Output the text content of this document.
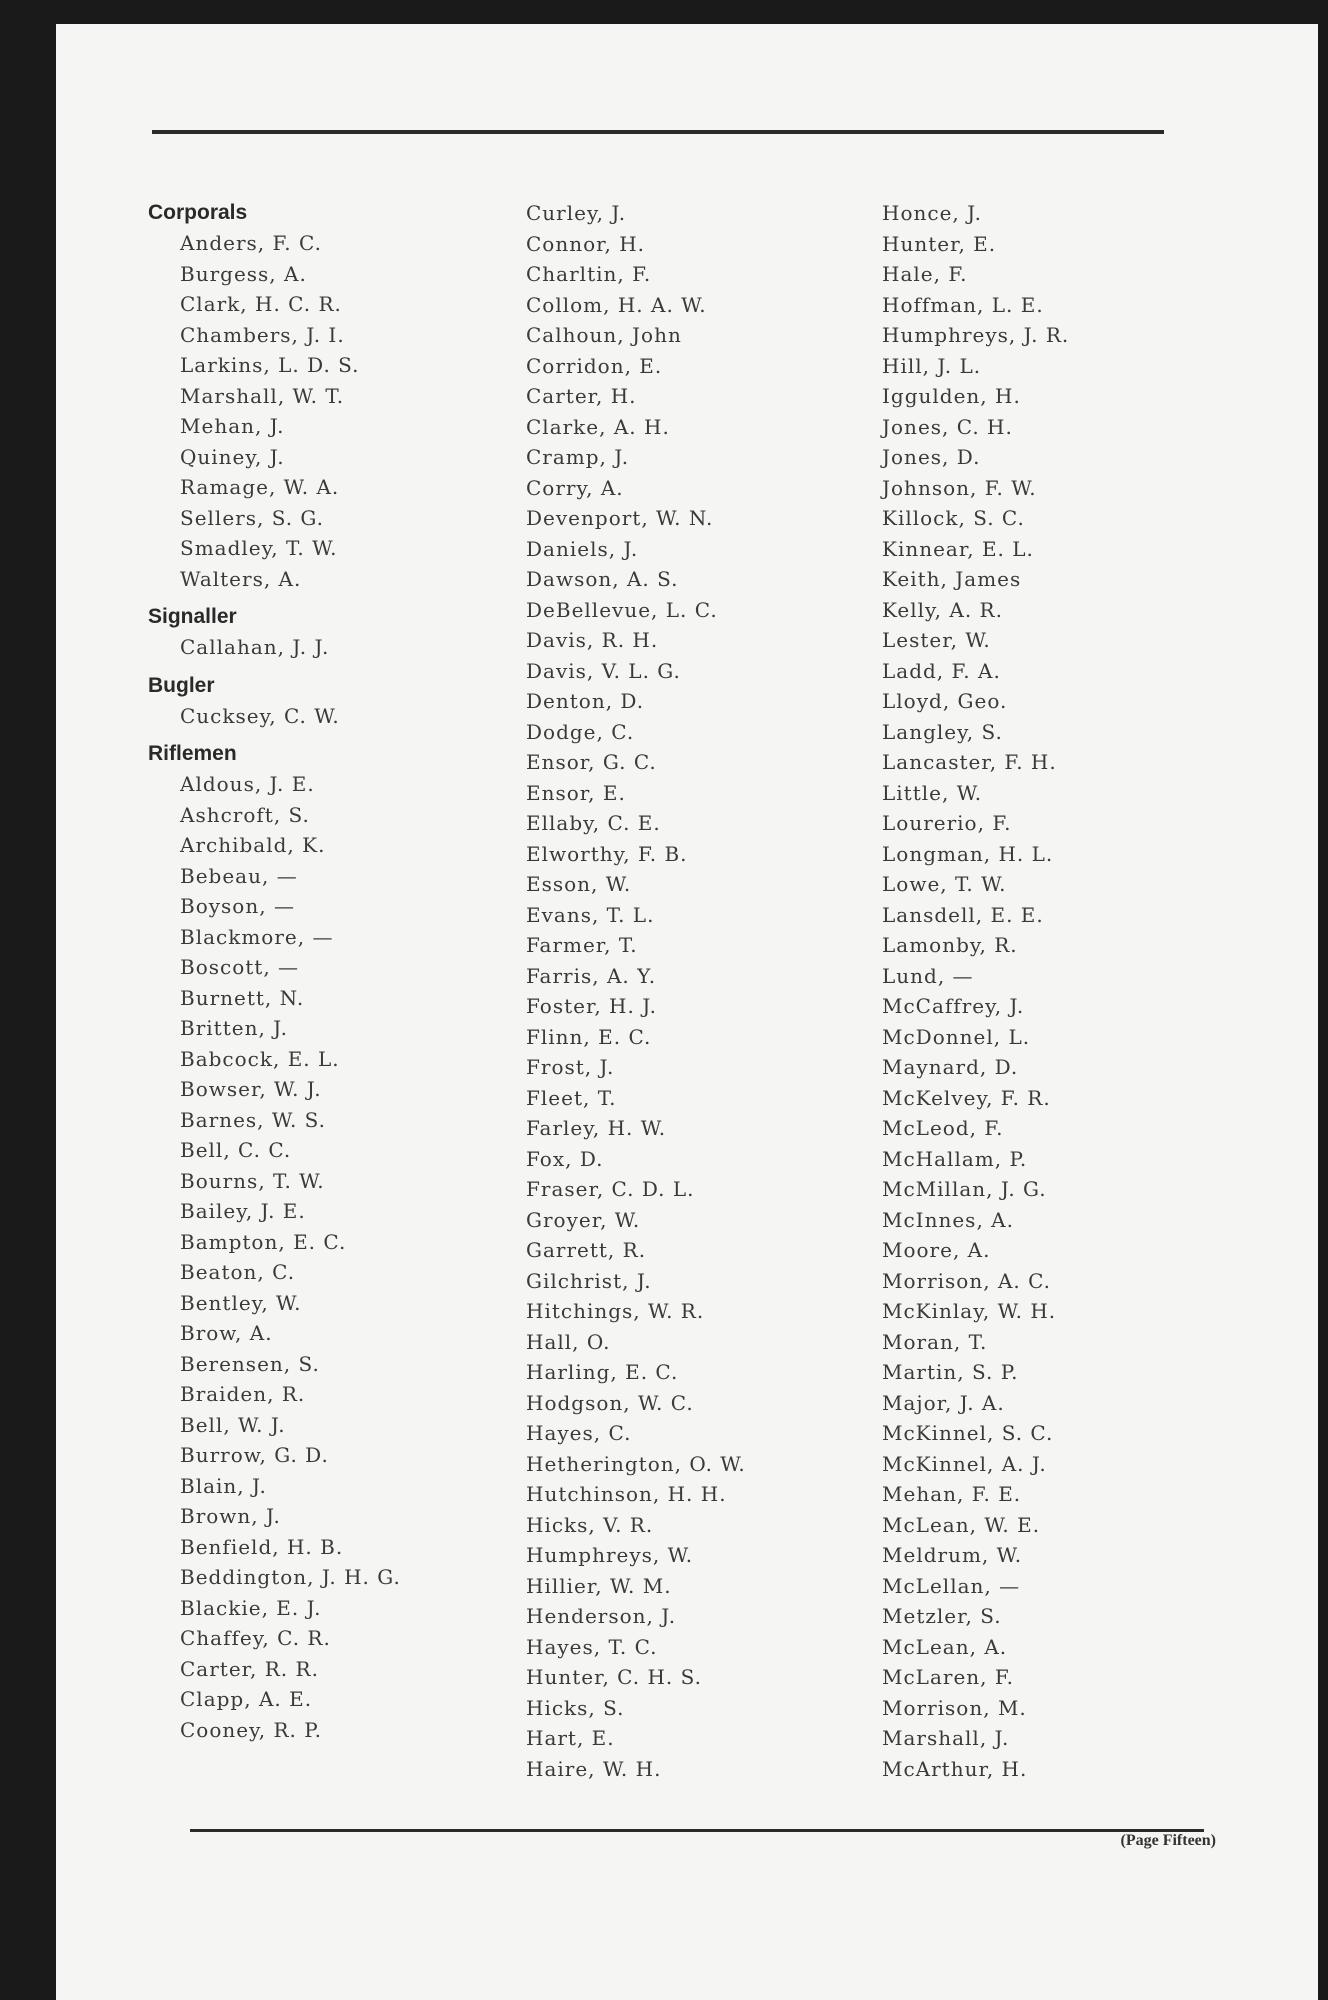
Corporals
Anders, F. C.
Burgess, A.
Clark, H. C. R.
Chambers, J. I.
Larkins, L. D. S.
Marshall, W. T.
Mehan, J.
Quiney, J.
Ramage, W. A.
Sellers, S. G.
Smadley, T. W.
Walters, A.
Signaller
Callahan, J. J.
Bugler
Cucksey, C. W.
Riflemen
Aldous, J. E.
Ashcroft, S.
Archibald, K.
Bebeau, —
Boyson, —
Blackmore, —
Boscott, —
Burnett, N.
Britten, J.
Babcock, E. L.
Bowser, W. J.
Barnes, W. S.
Bell, C. C.
Bourns, T. W.
Bailey, J. E.
Bampton, E. C.
Beaton, C.
Bentley, W.
Brow, A.
Berensen, S.
Braiden, R.
Bell, W. J.
Burrow, G. D.
Blain, J.
Brown, J.
Benfield, H. B.
Beddington, J. H. G.
Blackie, E. J.
Chaffey, C. R.
Carter, R. R.
Clapp, A. E.
Cooney, R. P.
Curley, J.
Connor, H.
Charltin, F.
Collom, H. A. W.
Calhoun, John
Corridon, E.
Carter, H.
Clarke, A. H.
Cramp, J.
Corry, A.
Devenport, W. N.
Daniels, J.
Dawson, A. S.
DeBellevue, L. C.
Davis, R. H.
Davis, V. L. G.
Denton, D.
Dodge, C.
Ensor, G. C.
Ensor, E.
Ellaby, C. E.
Elworthy, F. B.
Esson, W.
Evans, T. L.
Farmer, T.
Farris, A. Y.
Foster, H. J.
Flinn, E. C.
Frost, J.
Fleet, T.
Farley, H. W.
Fox, D.
Fraser, C. D. L.
Groyer, W.
Garrett, R.
Gilchrist, J.
Hitchings, W. R.
Hall, O.
Harling, E. C.
Hodgson, W. C.
Hayes, C.
Hetherington, O. W.
Hutchinson, H. H.
Hicks, V. R.
Humphreys, W.
Hillier, W. M.
Henderson, J.
Hayes, T. C.
Hunter, C. H. S.
Hicks, S.
Hart, E.
Haire, W. H.
Honce, J.
Hunter, E.
Hale, F.
Hoffman, L. E.
Humphreys, J. R.
Hill, J. L.
Iggulden, H.
Jones, C. H.
Jones, D.
Johnson, F. W.
Killock, S. C.
Kinnear, E. L.
Keith, James
Kelly, A. R.
Lester, W.
Ladd, F. A.
Lloyd, Geo.
Langley, S.
Lancaster, F. H.
Little, W.
Lourerio, F.
Longman, H. L.
Lowe, T. W.
Lansdell, E. E.
Lamonby, R.
Lund, —
McCaffrey, J.
McDonnel, L.
Maynard, D.
McKelvey, F. R.
McLeod, F.
McHallam, P.
McMillan, J. G.
McInnes, A.
Moore, A.
Morrison, A. C.
McKinlay, W. H.
Moran, T.
Martin, S. P.
Major, J. A.
McKinnel, S. C.
McKinnel, A. J.
Mehan, F. E.
McLean, W. E.
Meldrum, W.
McLellan, —
Metzler, S.
McLean, A.
McLaren, F.
Morrison, M.
Marshall, J.
McArthur, H.
(Page Fifteen)
